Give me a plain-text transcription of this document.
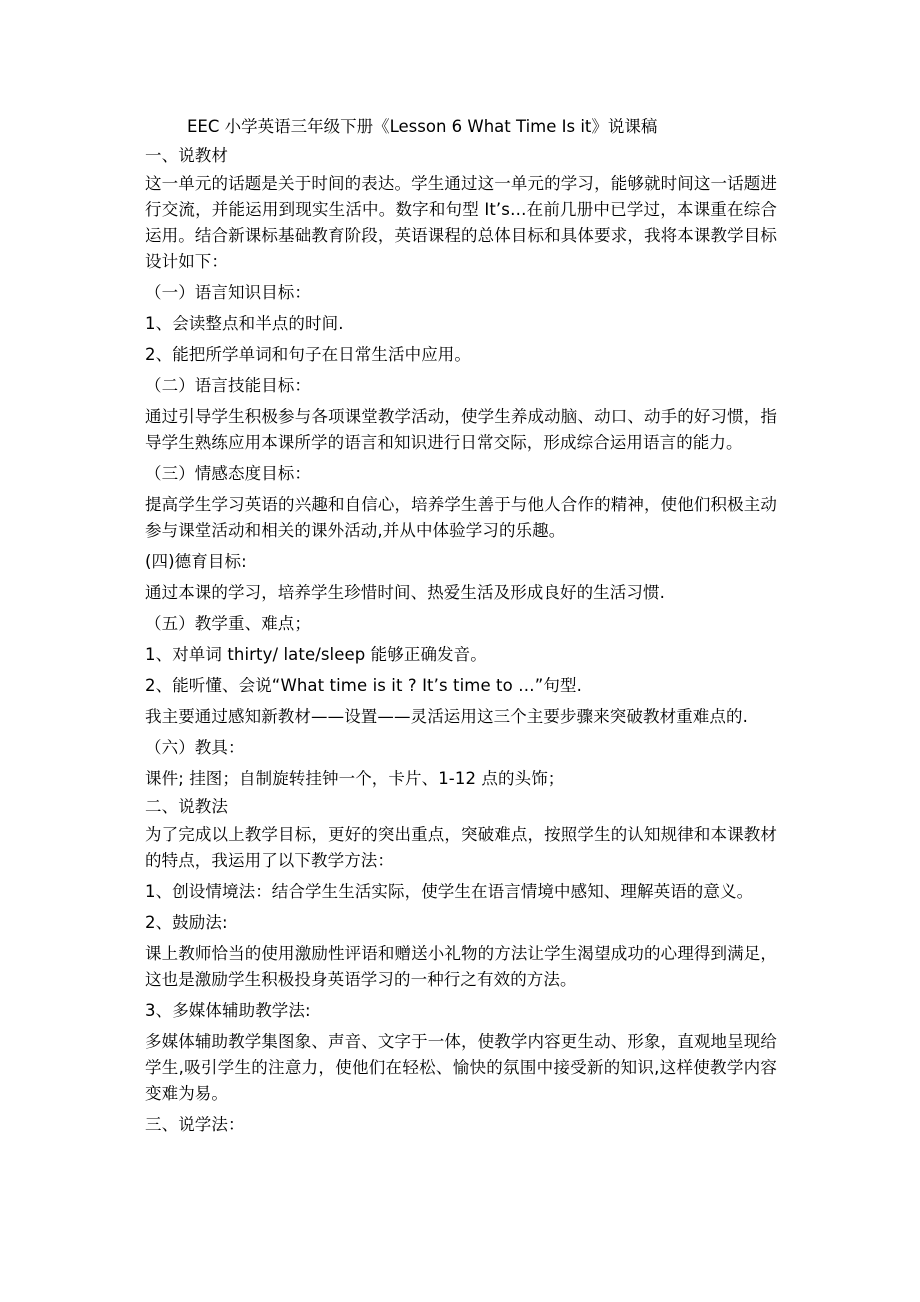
EEC 小学英语三年级下册《Lesson 6 What Time Is it》说课稿

一、说教材

这一单元的话题是关于时间的表达。学生通过这一单元的学习，能够就时间这一话题进行交流，并能运用到现实生活中。数字和句型 It’s…在前几册中已学过，本课重在综合运用。结合新课标基础教育阶段，英语课程的总体目标和具体要求，我将本课教学目标设计如下：

（一）语言知识目标：

1、会读整点和半点的时间.

2、能把所学单词和句子在日常生活中应用。

（二）语言技能目标：

通过引导学生积极参与各项课堂教学活动，使学生养成动脑、动口、动手的好习惯，指导学生熟练应用本课所学的语言和知识进行日常交际，形成综合运用语言的能力。

（三）情感态度目标：

提高学生学习英语的兴趣和自信心，培养学生善于与他人合作的精神，使他们积极主动参与课堂活动和相关的课外活动,并从中体验学习的乐趣。

(四)德育目标:

通过本课的学习，培养学生珍惜时间、热爱生活及形成良好的生活习惯.

（五）教学重、难点；

1、对单词 thirty/ late/sleep 能够正确发音。

2、能听懂、会说“What time is it ? It’s time to …”句型.

我主要通过感知新教材——设置——灵活运用这三个主要步骤来突破教材重难点的.

（六）教具：

课件; 挂图；自制旋转挂钟一个，卡片、1-12 点的头饰；

二、说教法

为了完成以上教学目标，更好的突出重点，突破难点，按照学生的认知规律和本课教材的特点，我运用了以下教学方法：

1、创设情境法：结合学生生活实际，使学生在语言情境中感知、理解英语的意义。

2、鼓励法:

课上教师恰当的使用激励性评语和赠送小礼物的方法让学生渴望成功的心理得到满足，这也是激励学生积极投身英语学习的一种行之有效的方法。

3、多媒体辅助教学法:

多媒体辅助教学集图象、声音、文字于一体，使教学内容更生动、形象，直观地呈现给学生,吸引学生的注意力，使他们在轻松、愉快的氛围中接受新的知识,这样使教学内容变难为易。

三、说学法：
